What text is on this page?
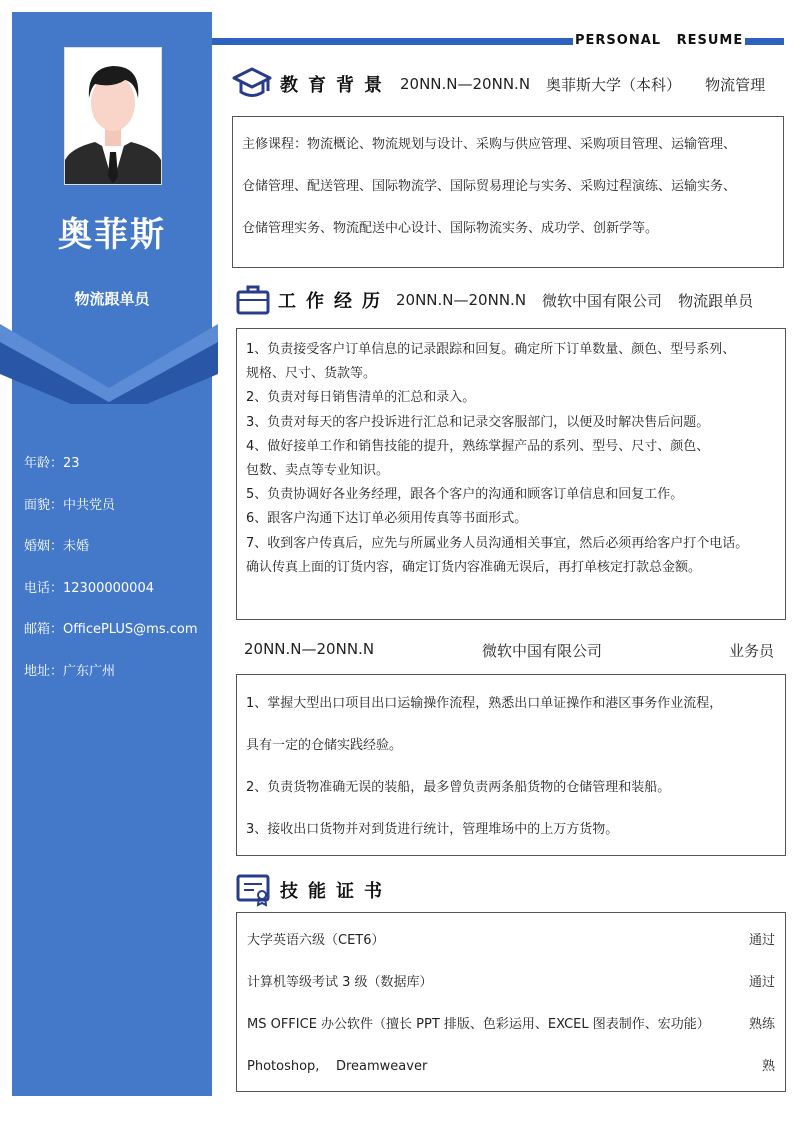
奥菲斯
物流跟单员
年龄：23
面貌：中共党员
婚姻：未婚
电话：12300000004
邮箱：OfficePLUS@ms.com
地址：广东广州
PERSONAL RESUME
教育背景 20NN.N—20NN.N 奥菲斯大学（本科） 物流管理
主修课程：物流概论、物流规划与设计、采购与供应管理、采购项目管理、运输管理、
仓储管理、配送管理、国际物流学、国际贸易理论与实务、采购过程演练、运输实务、
仓储管理实务、物流配送中心设计、国际物流实务、成功学、创新学等。
工作经历 20NN.N—20NN.N 微软中国有限公司 物流跟单员
1、负责接受客户订单信息的记录跟踪和回复。确定所下订单数量、颜色、型号系列、
规格、尺寸、货款等。
2、负责对每日销售清单的汇总和录入。
3、负责对每天的客户投诉进行汇总和记录交客服部门，以便及时解决售后问题。
4、做好接单工作和销售技能的提升，熟练掌握产品的系列、型号、尺寸、颜色、
包数、卖点等专业知识。
5、负责协调好各业务经理，跟各个客户的沟通和顾客订单信息和回复工作。
6、跟客户沟通下达订单必须用传真等书面形式。
7、收到客户传真后，应先与所属业务人员沟通相关事宜，然后必须再给客户打个电话。
确认传真上面的订货内容，确定订货内容准确无误后，再打单核定打款总金额。
20NN.N—20NN.N	微软中国有限公司	业务员
1、掌握大型出口项目出口运输操作流程，熟悉出口单证操作和港区事务作业流程，
具有一定的仓储实践经验。
2、负责货物准确无误的装船，最多曾负责两条船货物的仓储管理和装船。
3、接收出口货物并对到货进行统计，管理堆场中的上万方货物。
技能证书
大学英语六级（CET6）	通过
计算机等级考试 3 级（数据库）	通过
MS OFFICE 办公软件（擅长 PPT 排版、色彩运用、EXCEL 图表制作、宏功能）	熟练
Photoshop,    Dreamweaver	熟
